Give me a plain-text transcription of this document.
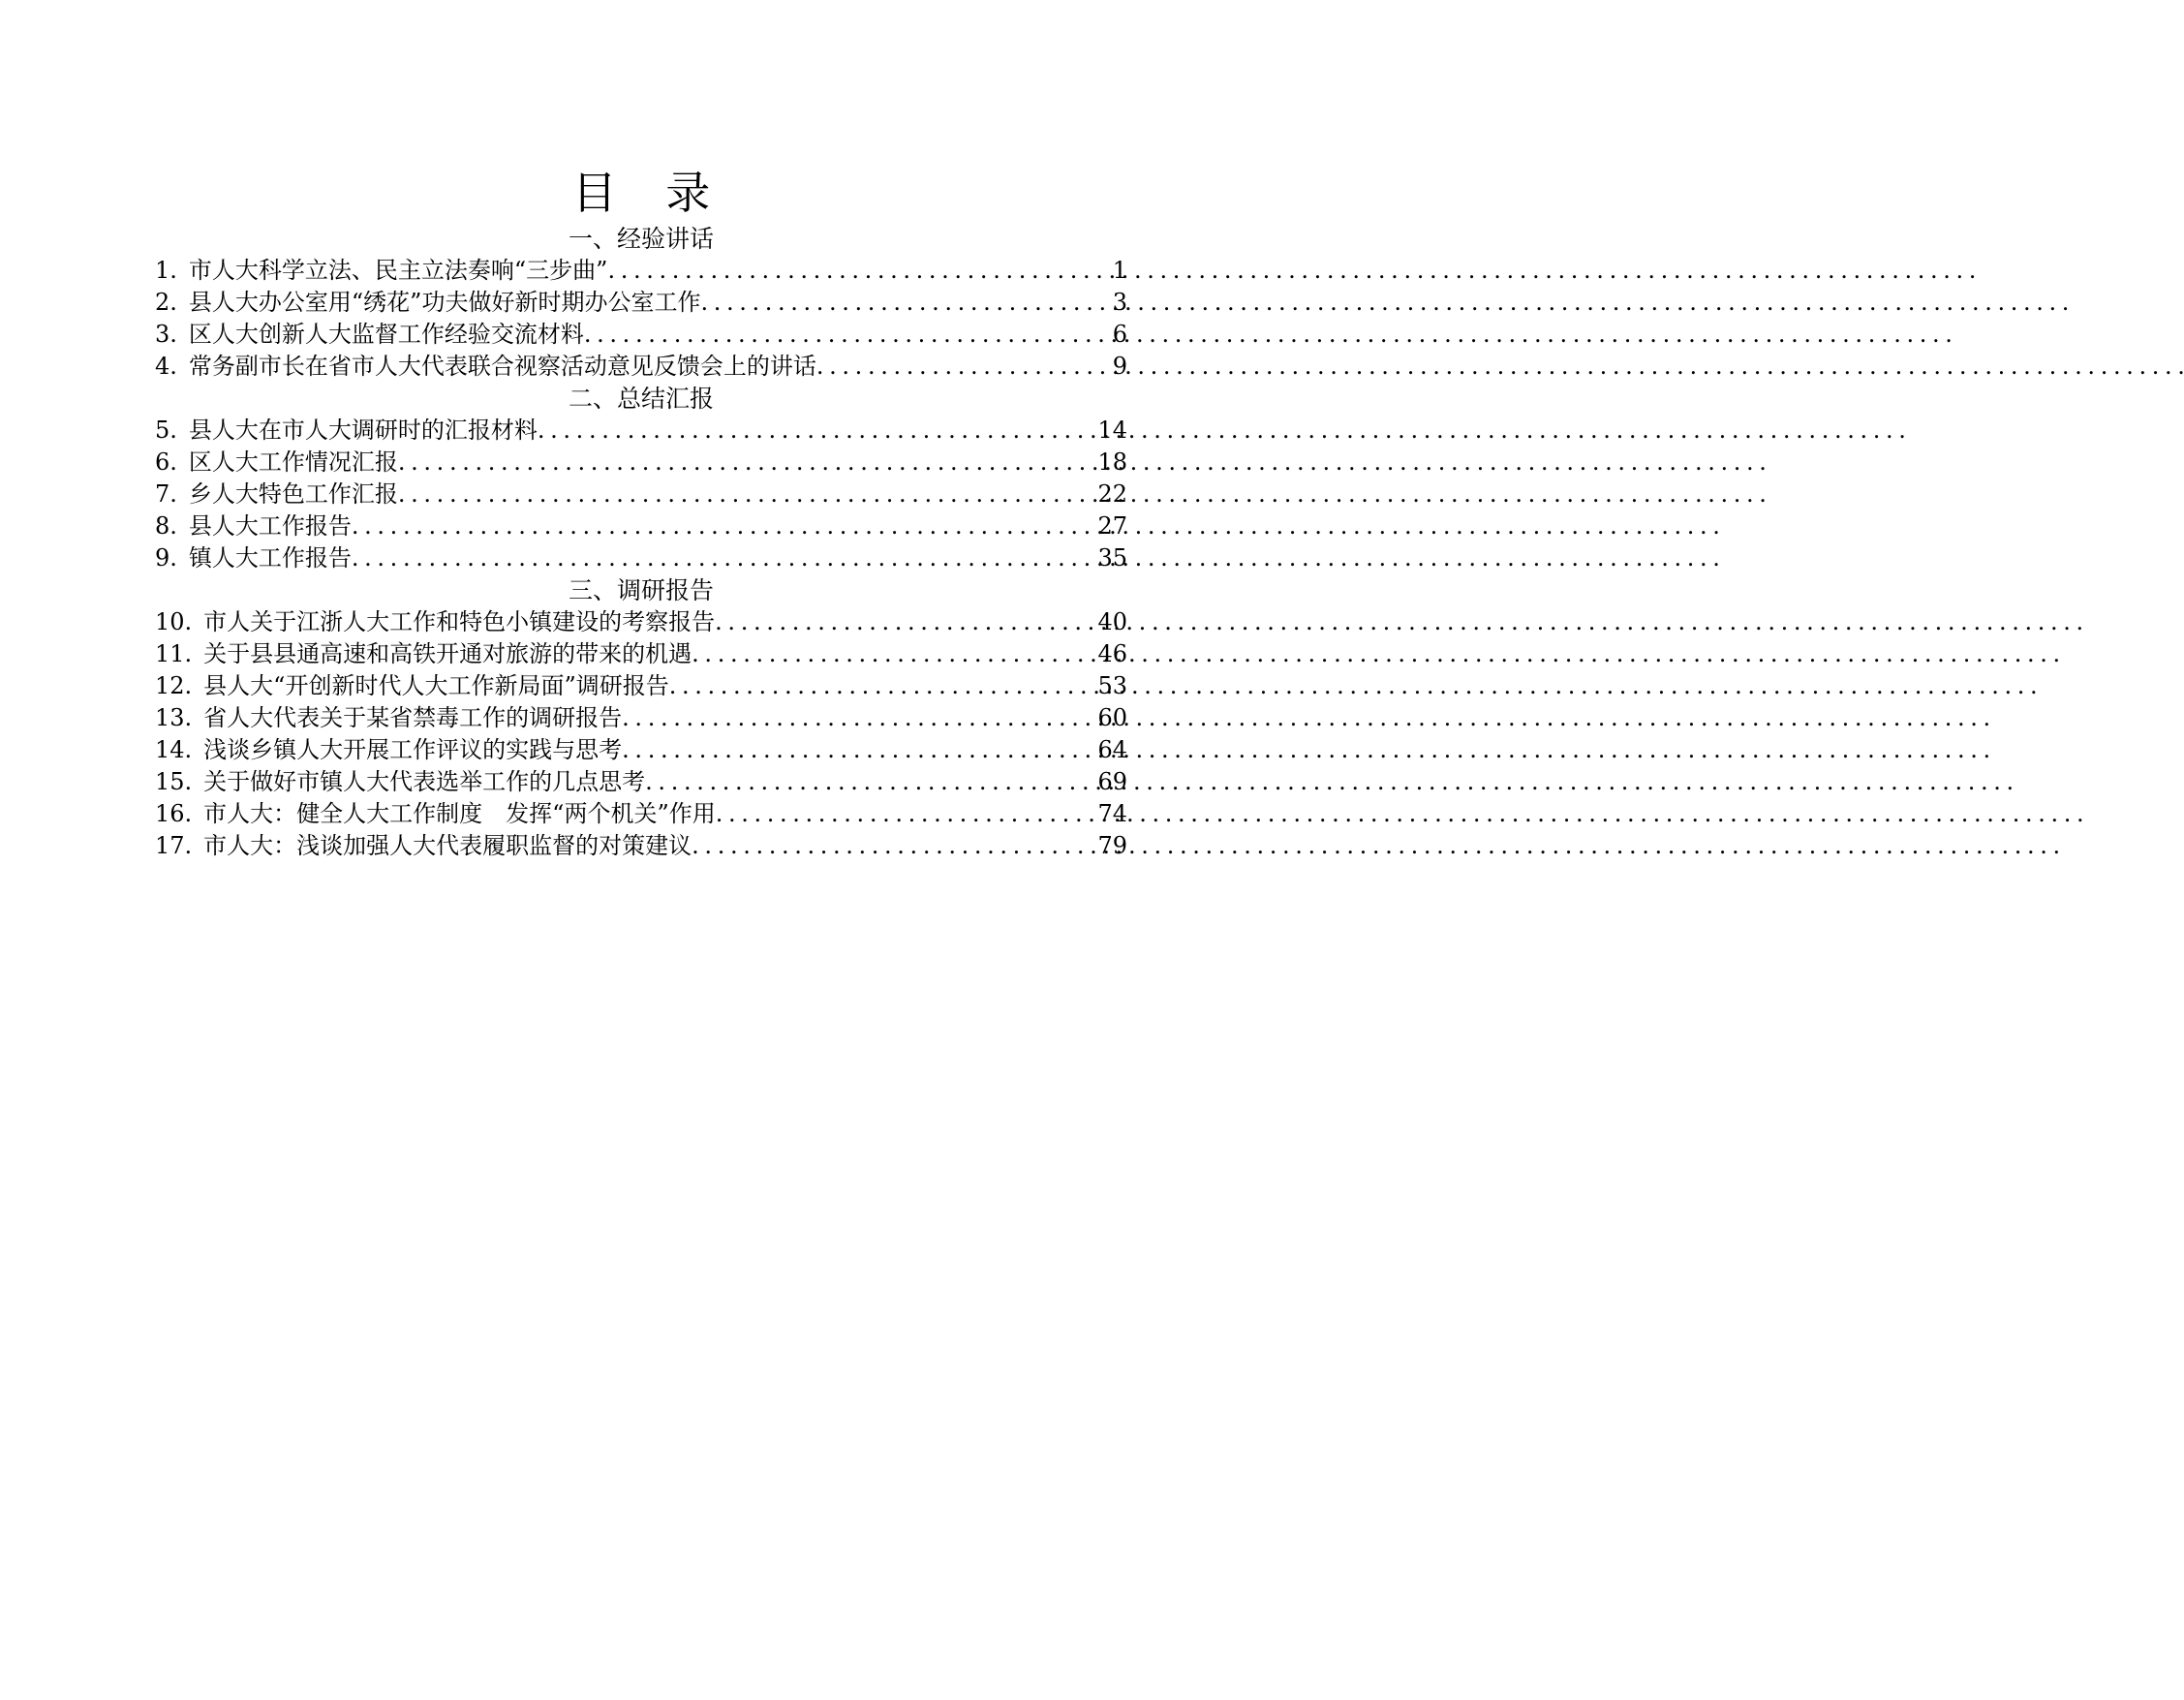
目 录
一、经验讲话
1. 市人大科学立法、民主立法奏响“三步曲” . . .	1
2. 县人大办公室用“绣花”功夫做好新时期办公室工作 . . .	3
3. 区人大创新人大监督工作经验交流材料 . . .	6
4. 常务副市长在省市人大代表联合视察活动意见反馈会上的讲话 . . .	9
二、总结汇报
5. 县人大在市人大调研时的汇报材料 . . .	14
6. 区人大工作情况汇报 . . .	18
7. 乡人大特色工作汇报 . . .	22
8. 县人大工作报告 . . .	27
9. 镇人大工作报告 . . .	35
三、调研报告
10. 市人关于江浙人大工作和特色小镇建设的考察报告 . . .	40
11. 关于县县通高速和高铁开通对旅游的带来的机遇 . . .	46
12. 县人大“开创新时代人大工作新局面”调研报告 . . .	53
13. 省人大代表关于某省禁毒工作的调研报告 . . .	60
14. 浅谈乡镇人大开展工作评议的实践与思考 . . .	64
15. 关于做好市镇人大代表选举工作的几点思考 . . .	69
16. 市人大：健全人大工作制度　发挥“两个机关”作用 . . .	74
17. 市人大：浅谈加强人大代表履职监督的对策建议 . . .	79
